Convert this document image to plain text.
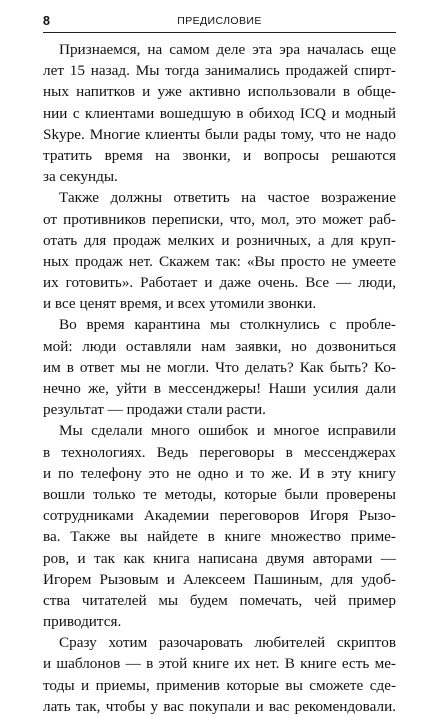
8	ПРЕДИСЛОВИЕ
Признаемся, на самом деле эта эра началась еще
лет 15 назад. Мы тогда занимались продажей спирт-
ных напитков и уже активно использовали в обще-
нии с клиентами вошедшую в обиход ICQ и модный
Skype. Многие клиенты были рады тому, что не надо
тратить время на звонки, и вопросы решаются
за секунды.
Также должны ответить на частое возражение
от противников переписки, что, мол, это может раб-
отать для продаж мелких и розничных, а для круп-
ных продаж нет. Скажем так: «Вы просто не умеете
их готовить». Работает и даже очень. Все — люди,
и все ценят время, и всех утомили звонки.
Во время карантина мы столкнулись с пробле-
мой: люди оставляли нам заявки, но дозвониться
им в ответ мы не могли. Что делать? Как быть? Ко-
нечно же, уйти в мессенджеры! Наши усилия дали
результат — продажи стали расти.
Мы сделали много ошибок и многое исправили
в технологиях. Ведь переговоры в мессенджерах
и по телефону это не одно и то же. И в эту книгу
вошли только те методы, которые были проверены
сотрудниками Академии переговоров Игоря Рызо-
ва. Также вы найдете в книге множество приме-
ров, и так как книга написана двумя авторами —
Игорем Рызовым и Алексеем Пашиным, для удоб-
ства читателей мы будем помечать, чей пример
приводится.
Сразу хотим разочаровать любителей скриптов
и шаблонов — в этой книге их нет. В книге есть ме-
тоды и приемы, применив которые вы сможете сде-
лать так, чтобы у вас покупали и вас рекомендовали.
